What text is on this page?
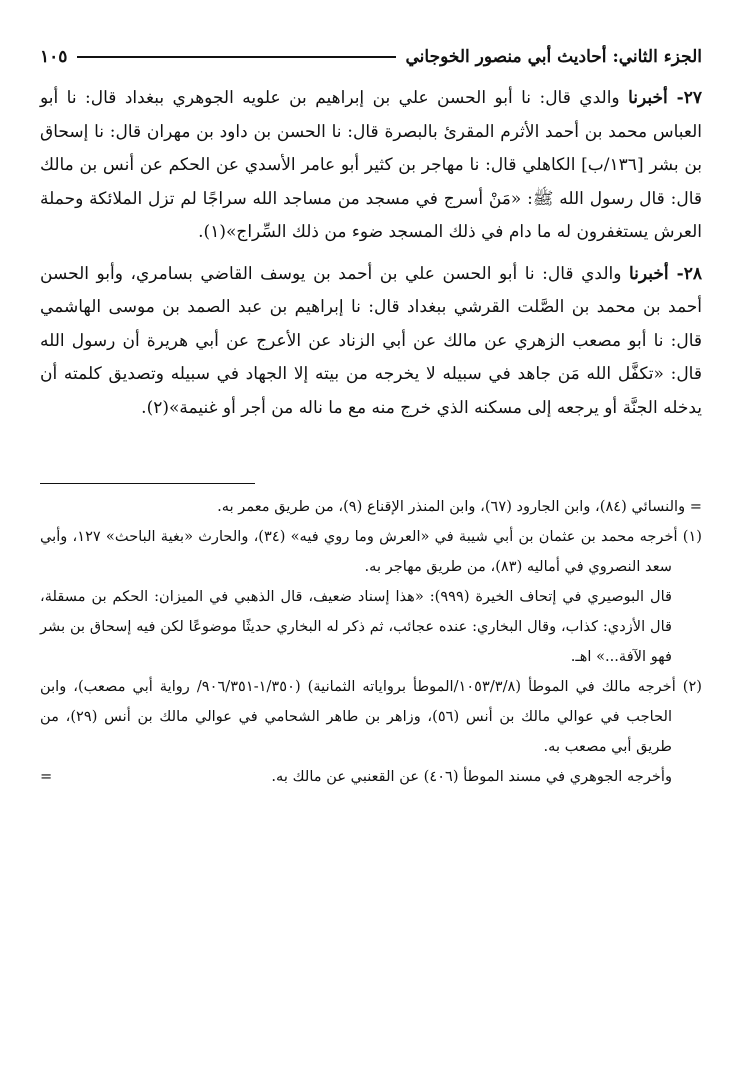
الجزء الثاني: أحاديث أبي منصور الخوجاني
١٠٥

٢٧- أخبرنا والدي قال: نا أبو الحسن علي بن إبراهيم بن علويه الجوهري ببغداد قال: نا أبو العباس محمد بن أحمد الأثرم المقرئ بالبصرة قال: نا الحسن بن داود بن مهران قال: نا إسحاق بن بشر [١٣٦/ب] الكاهلي قال: نا مهاجر بن كثير أبو عامر الأسدي عن الحكم عن أنس بن مالك قال: قال رسول الله ﷺ: «مَنْ أسرج في مسجد من مساجد الله سراجًا لم تزل الملائكة وحملة العرش يستغفرون له ما دام في ذلك المسجد ضوء من ذلك السِّراج»(١).

٢٨- أخبرنا والدي قال: نا أبو الحسن علي بن أحمد بن يوسف القاضي بسامري، وأبو الحسن أحمد بن محمد بن الصَّلت القرشي ببغداد قال: نا إبراهيم بن عبد الصمد بن موسى الهاشمي قال: نا أبو مصعب الزهري عن مالك عن أبي الزناد عن الأعرج عن أبي هريرة أن رسول الله قال: «تكفَّل الله مَن جاهد في سبيله لا يخرجه من بيته إلا الجهاد في سبيله وتصديق كلمته أن يدخله الجنَّة أو يرجعه إلى مسكنه الذي خرج منه مع ما ناله من أجر أو غنيمة»(٢).

= والنسائي (٨٤)، وابن الجارود (٦٧)، وابن المنذر الإقناع (٩)، من طريق معمر به.

(١) أخرجه محمد بن عثمان بن أبي شيبة في «العرش وما روي فيه» (٣٤)، والحارث «بغية الباحث» ١٢٧، وأبي سعد النصروي في أماليه (٨٣)، من طريق مهاجر به.

قال البوصيري في إتحاف الخيرة (٩٩٩): «هذا إسناد ضعيف، قال الذهبي في الميزان: الحكم بن مسقلة، قال الأزدي: كذاب، وقال البخاري: عنده عجائب، ثم ذكر له البخاري حديثًا موضوعًا لكن فيه إسحاق بن بشر فهو الآفة...» اهـ.

(٢) أخرجه مالك في الموطأ (١٠٥٣/٣/٨/الموطأ برواياته الثمانية) (١/٣٥٠-٩٠٦/٣٥١/ رواية أبي مصعب)، وابن الحاجب في عوالي مالك بن أنس (٥٦)، وزاهر بن طاهر الشحامي في عوالي مالك بن أنس (٢٩)، من طريق أبي مصعب به.

=	وأخرجه الجوهري في مسند الموطأ (٤٠٦) عن القعنبي عن مالك به.
